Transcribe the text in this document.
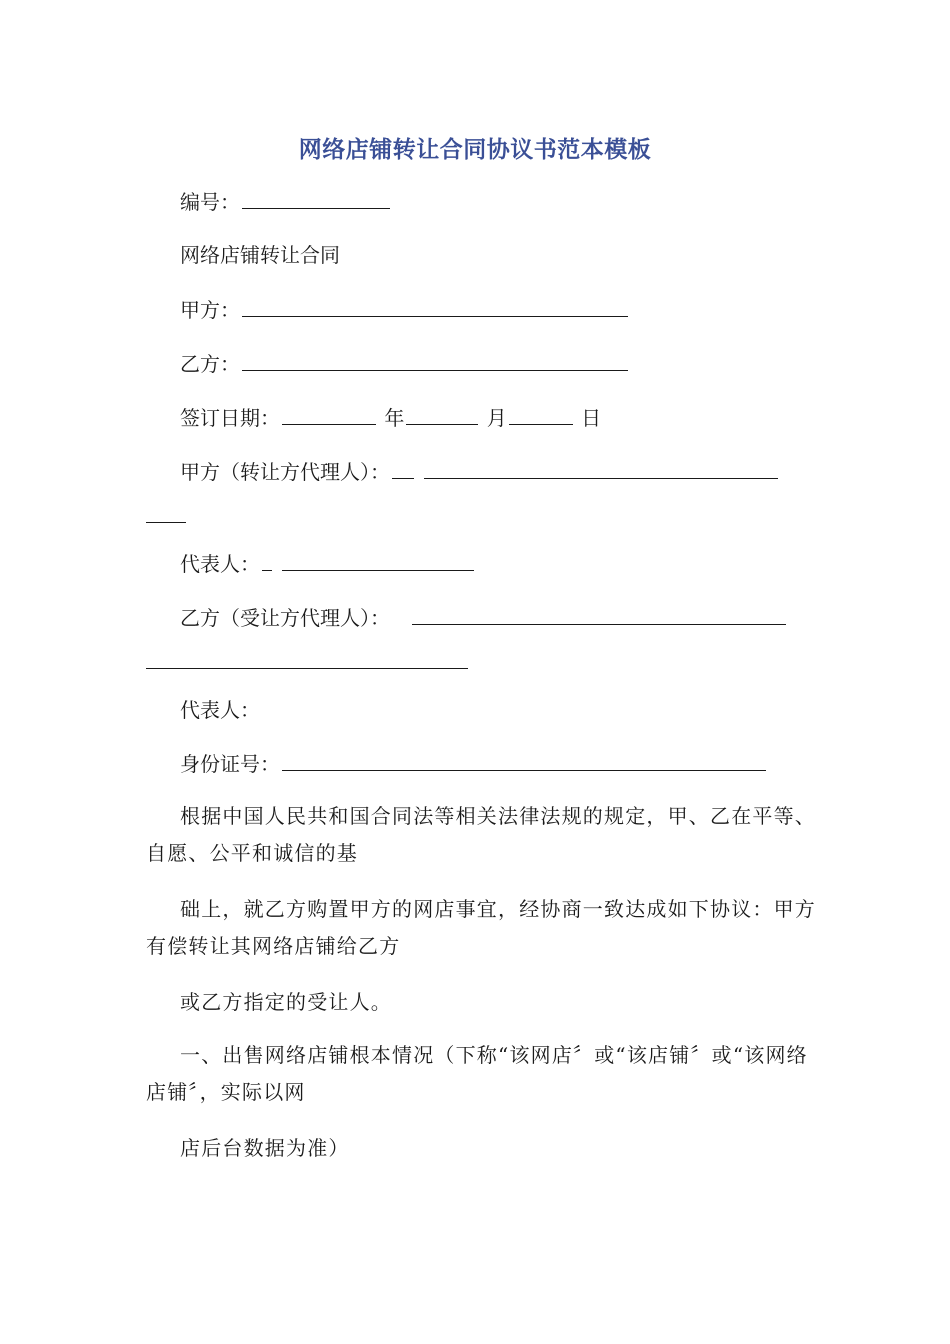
网络店铺转让合同协议书范本模板
编号：
网络店铺转让合同
甲方：
乙方：
签订日期：	年	月	日
甲方（转让方代理人）：
代表人：
乙方（受让方代理人）：
代表人：
身份证号：

根据中国人民共和国合同法等相关法律法规的规定，甲、乙在平等、自愿、公平和诚信的基

础上，就乙方购置甲方的网店事宜，经协商一致达成如下协议：甲方有偿转让其网络店铺给乙方

或乙方指定的受让人。

一、出售网络店铺根本情况（下称“该网店〞或“该店铺〞或“该网络店铺〞，实际以网

店后台数据为准）
